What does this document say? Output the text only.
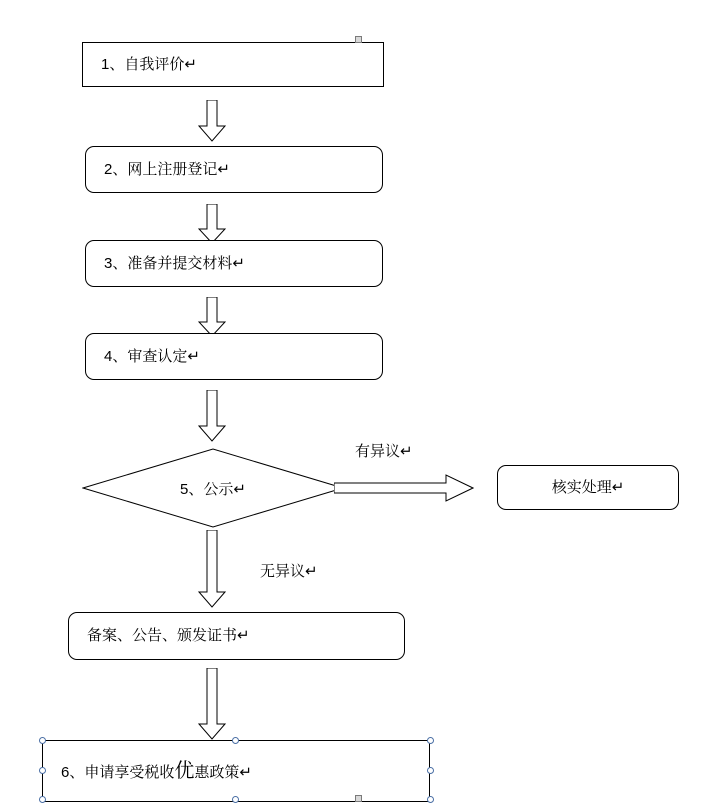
1、自我评价↵
2、网上注册登记↵
3、准备并提交材料↵
4、审查认定↵
5、公示↵
有异议↵
核实处理↵
无异议↵
备案、公告、颁发证书↵
6、申请享受税收优惠政策↵
